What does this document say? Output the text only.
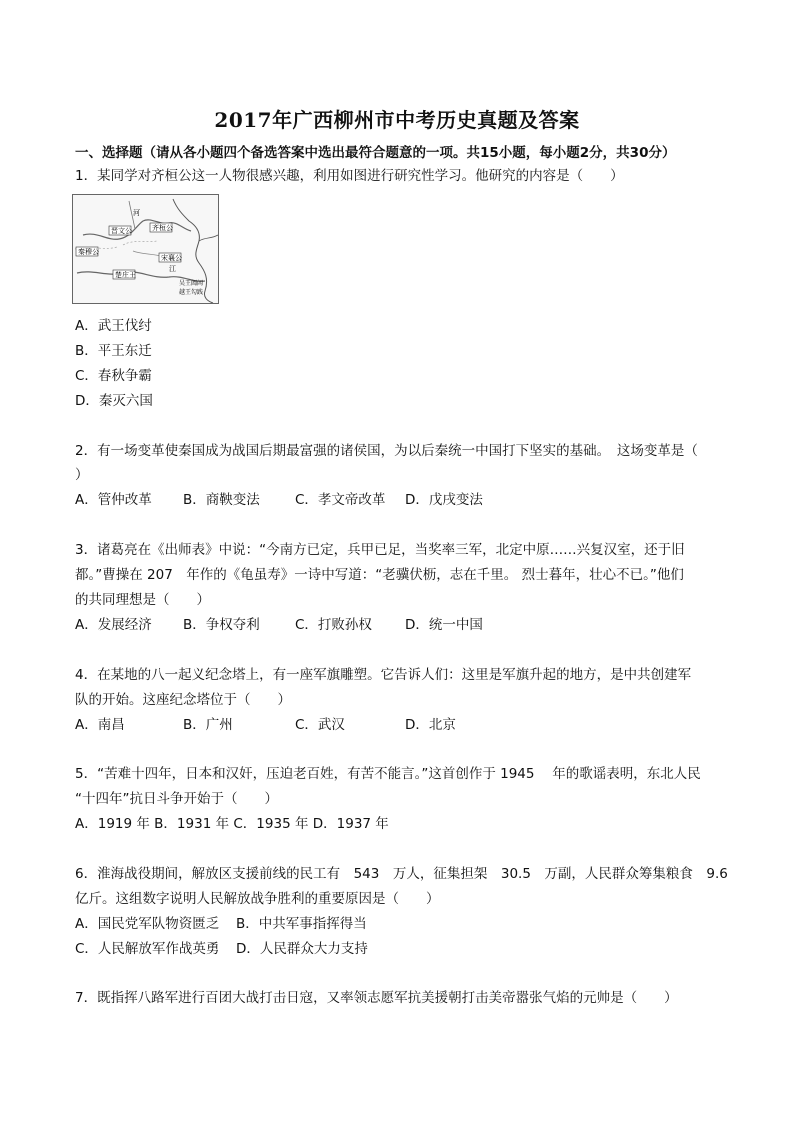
2017年广西柳州市中考历史真题及答案
一、选择题（请从各小题四个备选答案中选出最符合题意的一项。共15小题，每小题2分，共30分）
1．某同学对齐桓公这一人物很感兴趣，利用如图进行研究性学习。他研究的内容是（　　）
晋文公	齐桓公
秦穆公
宋襄公
楚庄王
吴王阖闾
越王勾践
河
江
A．武王伐纣
B．平王东迁
C．春秋争霸
D．秦灭六国
2．有一场变革使秦国成为战国后期最富强的诸侯国，为以后秦统一中国打下坚实的基础。　这场变革是（
）
A．管仲改革 B．商鞅变法	C．孝文帝改革 D．戊戌变法
3．诸葛亮在《出师表》中说：“今南方已定，兵甲已足，当奖率三军，北定中原……兴复汉室，还于旧
都。”曹操在 207　年作的《龟虽寿》一诗中写道：“老骥伏枥，志在千里。 烈士暮年，壮心不已。”他们
的共同理想是（　　）
A．发展经济 B．争权夺利	C．打败孙权 D．统一中国
4．在某地的八一起义纪念塔上，有一座军旗雕塑。它告诉人们：这里是军旗升起的地方，是中共创建军
队的开始。这座纪念塔位于（　　）
A．南昌	B．广州	C．武汉	D．北京
5．“苦难十四年，日本和汉奸，压迫老百姓，有苦不能言。”这首创作于 1945　 年的歌谣表明，东北人民
“十四年”抗日斗争开始于（　　）
A．1919 年 B．1931 年 C．1935 年 D．1937 年
6．淮海战役期间，解放区支援前线的民工有　543　万人，征集担架　30.5　万副，人民群众筹集粮食　9.6
亿斤。这组数字说明人民解放战争胜利的重要原因是（　　）
A．国民党军队物资匮乏 B．中共军事指挥得当
C．人民解放军作战英勇 D．人民群众大力支持
7．既指挥八路军进行百团大战打击日寇，又率领志愿军抗美援朝打击美帝嚣张气焰的元帅是（　　）
